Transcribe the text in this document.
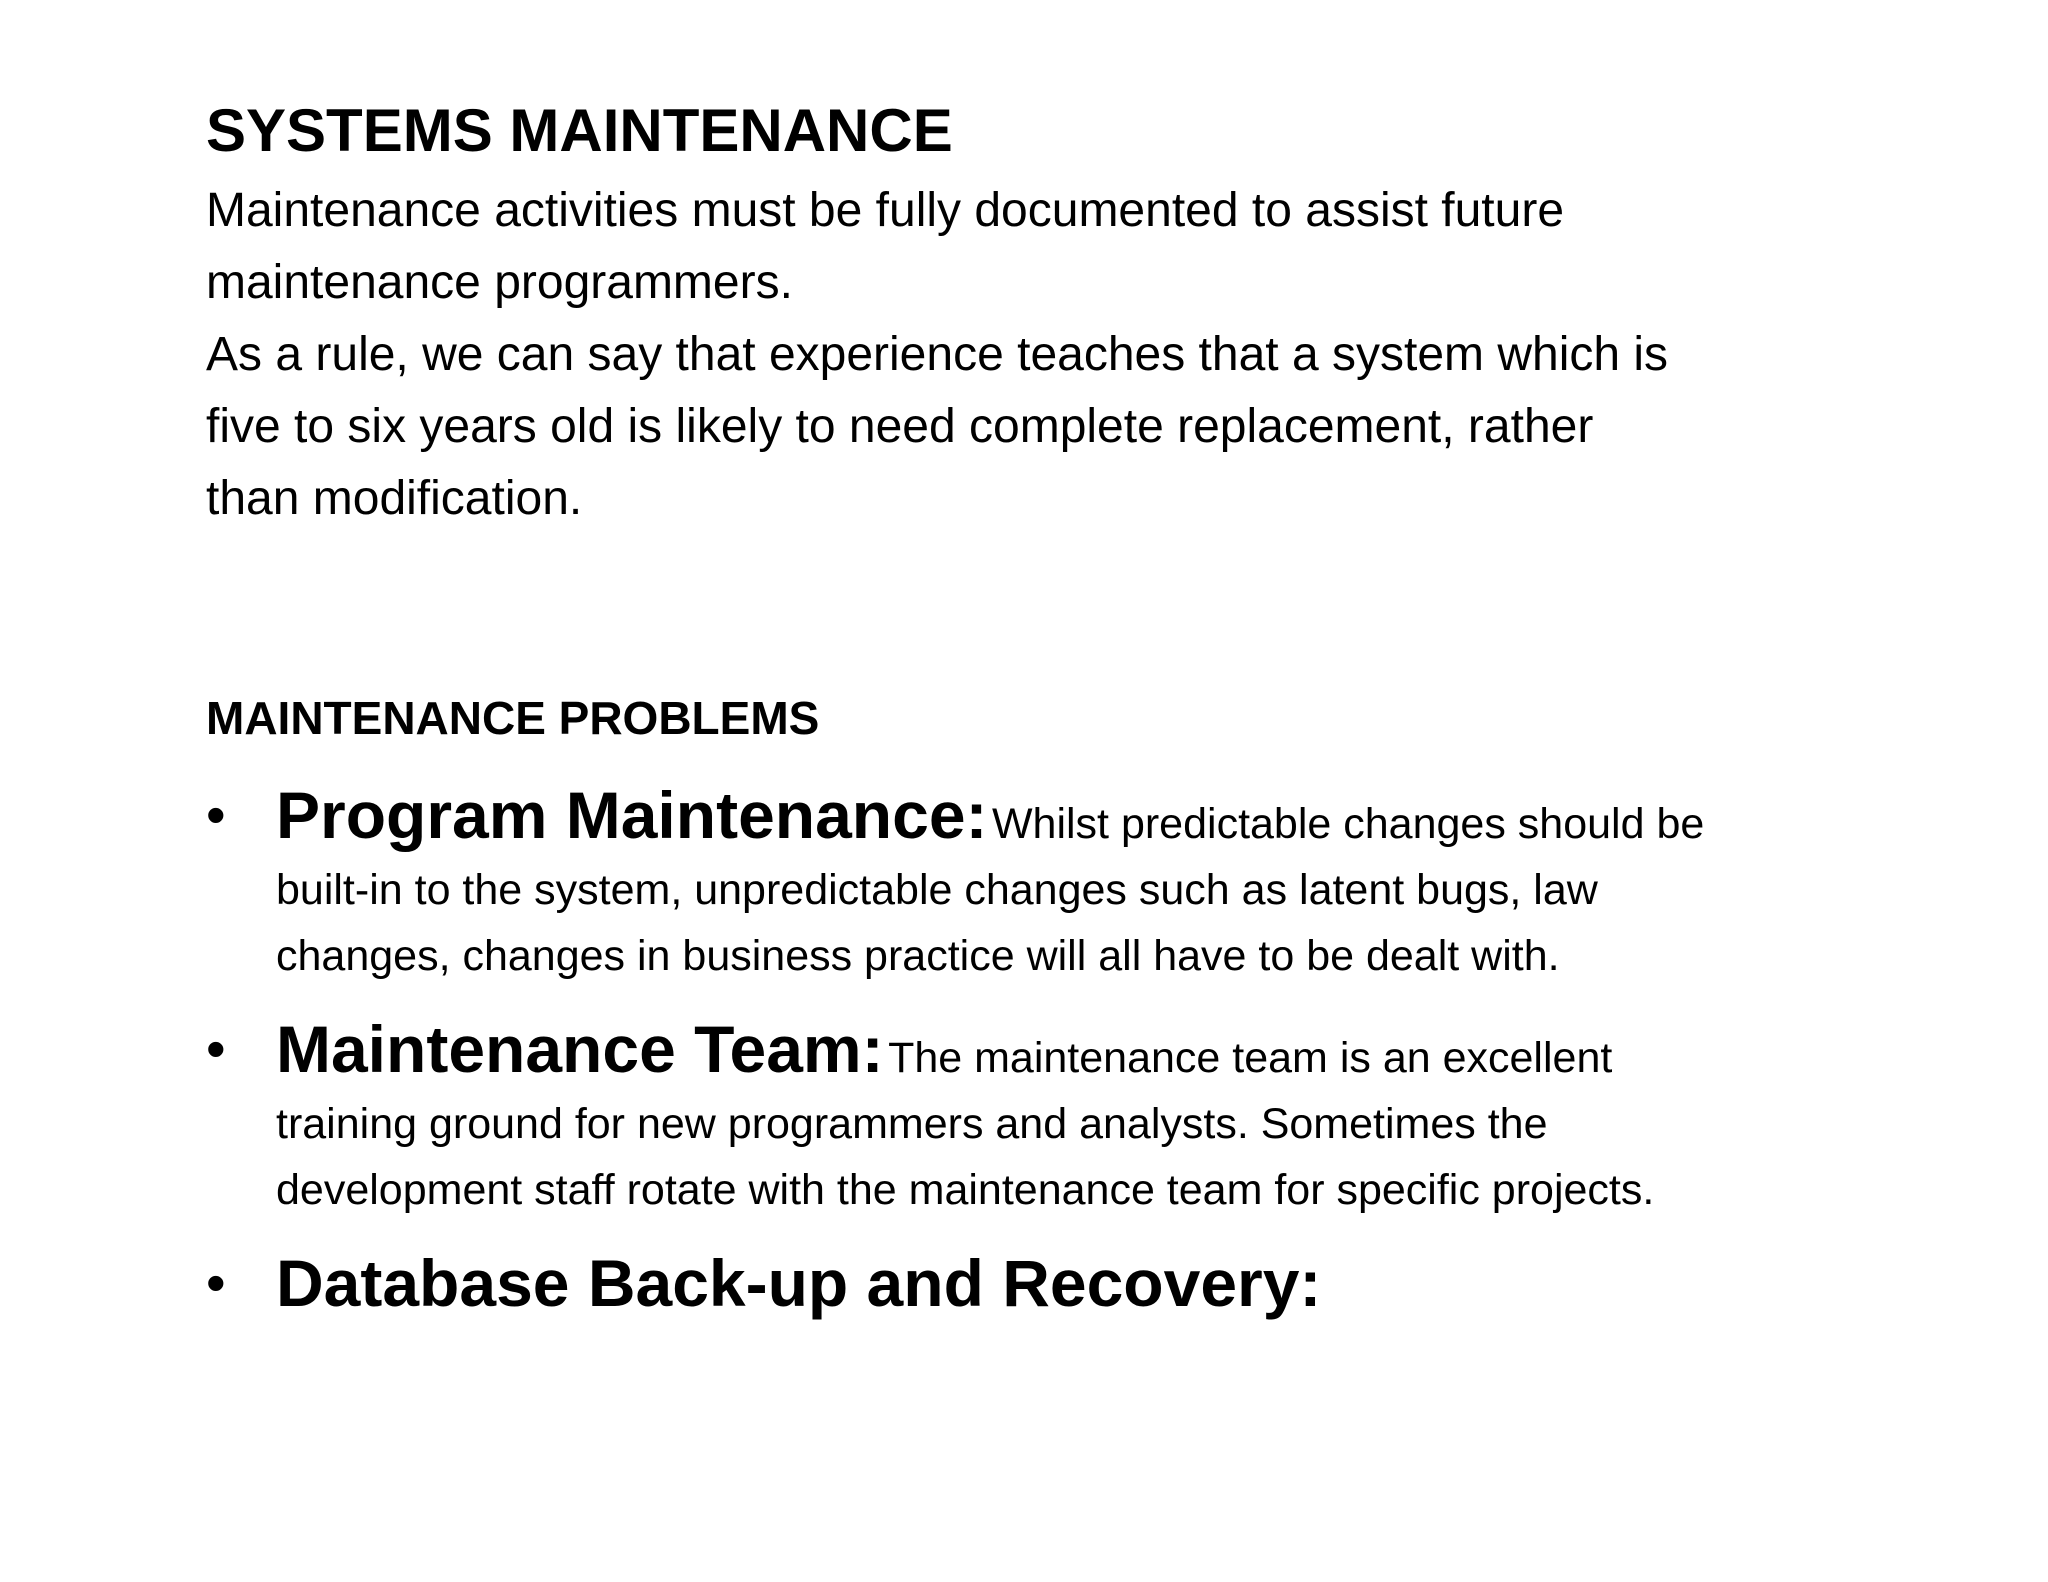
SYSTEMS MAINTENANCE
Maintenance activities must be fully documented to assist future
maintenance programmers.
As a rule, we can say that experience teaches that a system which is
five to six years old is likely to need complete replacement, rather
than modification.
MAINTENANCE PROBLEMS
• Program Maintenance: Whilst predictable changes should be
built-in to the system, unpredictable changes such as latent bugs, law
changes, changes in business practice will all have to be dealt with.
• Maintenance Team: The maintenance team is an excellent
training ground for new programmers and analysts. Sometimes the
development staff rotate with the maintenance team for specific projects.
• Database Back-up and Recovery:
